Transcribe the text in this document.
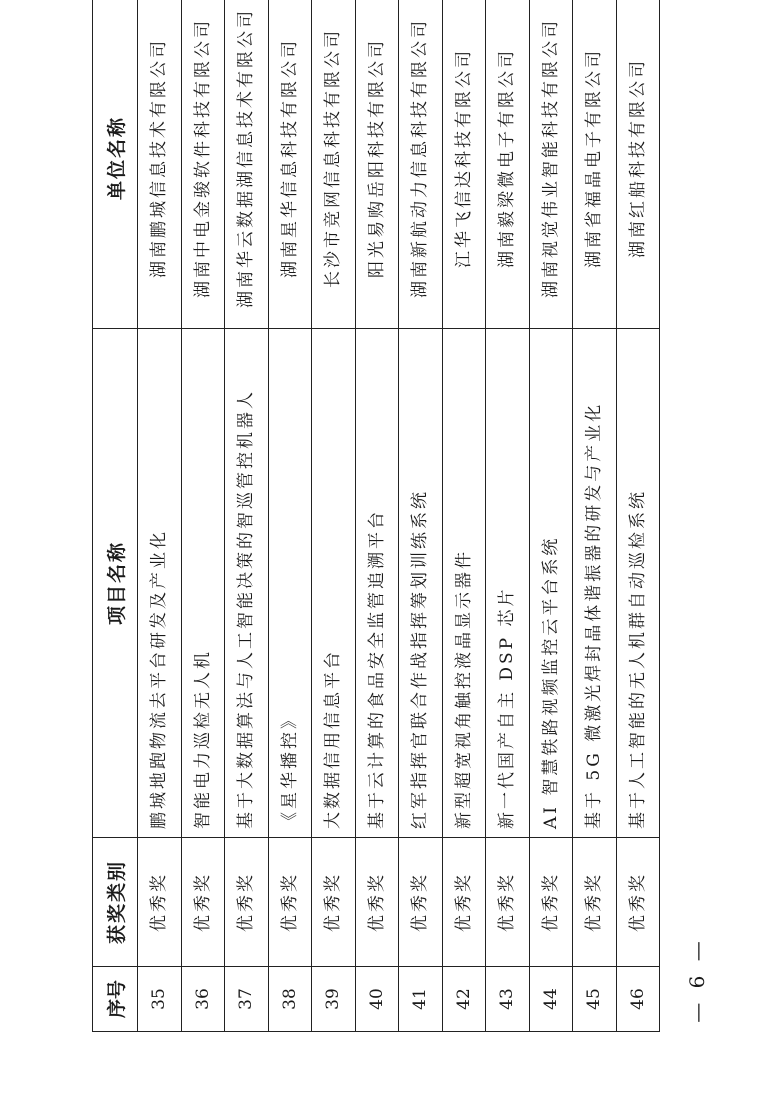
序号	获奖类别	项目名称	单位名称
35	优秀奖	鹏城地跑物流去平台研发及产业化	湖南鹏城信息技术有限公司
36	优秀奖	智能电力巡检无人机	湖南中电金骏软件科技有限公司
37	优秀奖	基于大数据算法与人工智能决策的智巡管控机器人	湖南华云数据湖信息技术有限公司
38	优秀奖	《星华播控》	湖南星华信息科技有限公司
39	优秀奖	大数据信用信息平台	长沙市竞网信息科技有限公司
40	优秀奖	基于云计算的食品安全监管追溯平台	阳光易购岳阳科技有限公司
41	优秀奖	红军指挥官联合作战指挥筹划训练系统	湖南新航动力信息科技有限公司
42	优秀奖	新型超宽视角触控液晶显示器件	江华飞信达科技有限公司
43	优秀奖	新一代国产自主 DSP 芯片	湖南毅梁微电子有限公司
44	优秀奖	AI 智慧铁路视频监控云平台系统	湖南视觉伟业智能科技有限公司
45	优秀奖	基于 5G 微激光焊封晶体谐振器的研发与产业化	湖南省福晶电子有限公司
46	优秀奖	基于人工智能的无人机群自动巡检系统	湖南红船科技有限公司
— 6 —
